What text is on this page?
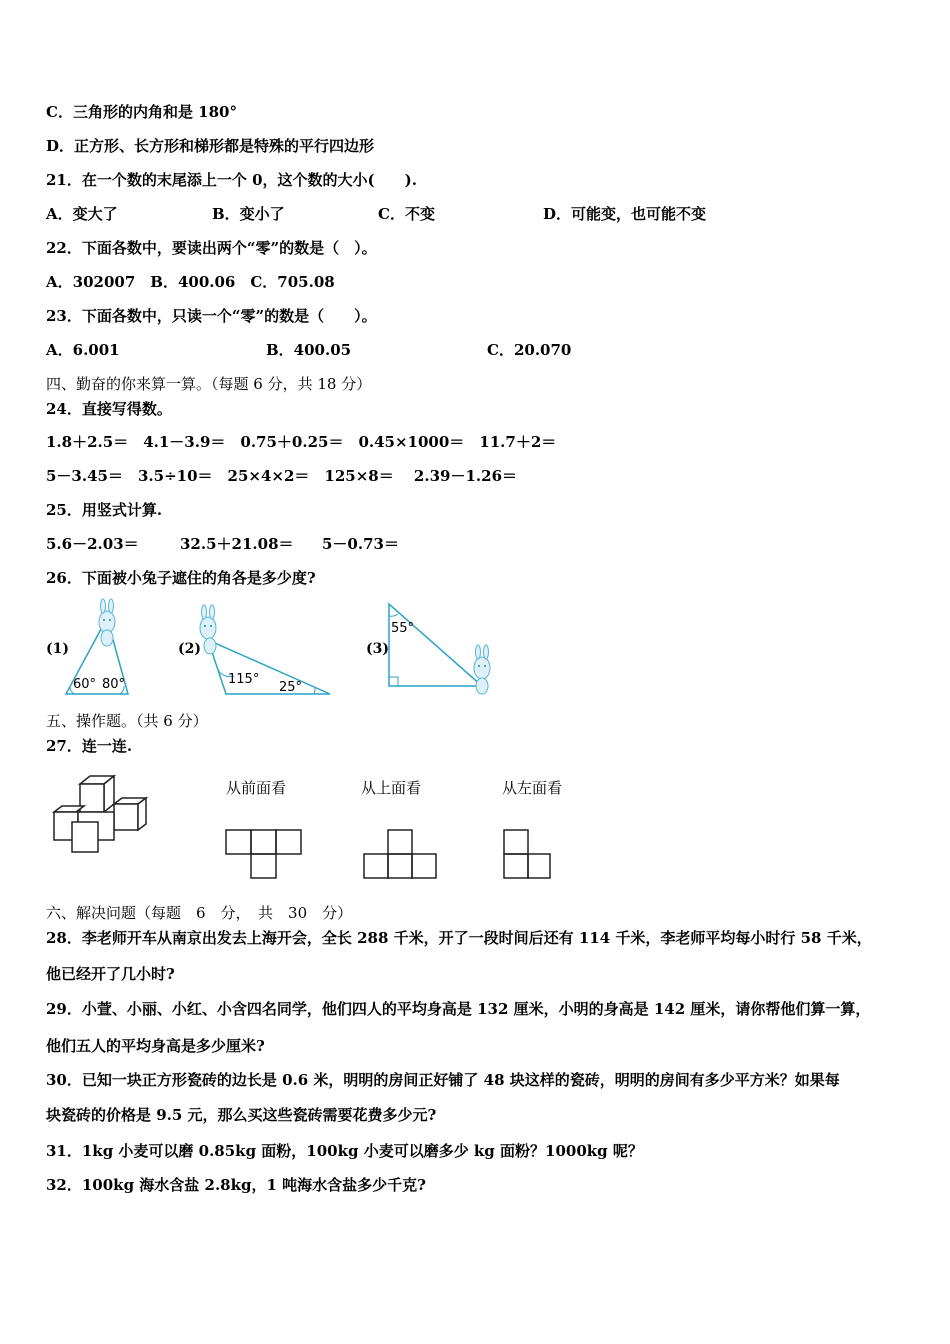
C．三角形的内角和是 180°
D．正方形、长方形和梯形都是特殊的平行四边形
21．在一个数的末尾添上一个 0，这个数的大小(　　).
A．变大了	B．变小了	C．不变	D．可能变，也可能不变
22．下面各数中，要读出两个“零”的数是（　）。
A．302007　B．400.06　C．705.08
23．下面各数中，只读一个“零”的数是（　　）。
A．6.001	B．400.05	C．20.070
四、勤奋的你来算一算。（每题 6 分，共 18 分）
24．直接写得数。
1.8＋2.5＝　4.1－3.9＝　0.75＋0.25＝　0.45×1000＝　11.7＋2＝
5－3.45＝　3.5÷10＝　25×4×2＝　125×8＝　 2.39－1.26＝
25．用竖式计算.
5.6－2.03＝	32.5＋21.08＝ 5－0.73＝
26．下面被小兔子遮住的角各是多少度?
(1)	(2)	(3)
60° 80°	115°
25°
55°
五、操作题。（共 6 分）
27．连一连.
从前面看	从上面看	从左面看
六、解决问题（每题　6　分，　共　30　分）
28．李老师开车从南京出发去上海开会，全长 288 千米，开了一段时间后还有 114 千米，李老师平均每小时行 58 千米，
他已经开了几小时?
29．小萱、小丽、小红、小含四名同学，他们四人的平均身高是 132 厘米，小明的身高是 142 厘米，请你帮他们算一算，
他们五人的平均身高是多少厘米?
30．已知一块正方形瓷砖的边长是 0.6 米，明明的房间正好铺了 48 块这样的瓷砖，明明的房间有多少平方米？如果每
块瓷砖的价格是 9.5 元，那么买这些瓷砖需要花费多少元?
31．1kg 小麦可以磨 0.85kg 面粉，100kg 小麦可以磨多少 kg 面粉？1000kg 呢？
32．100kg 海水含盐 2.8kg，1 吨海水含盐多少千克?
